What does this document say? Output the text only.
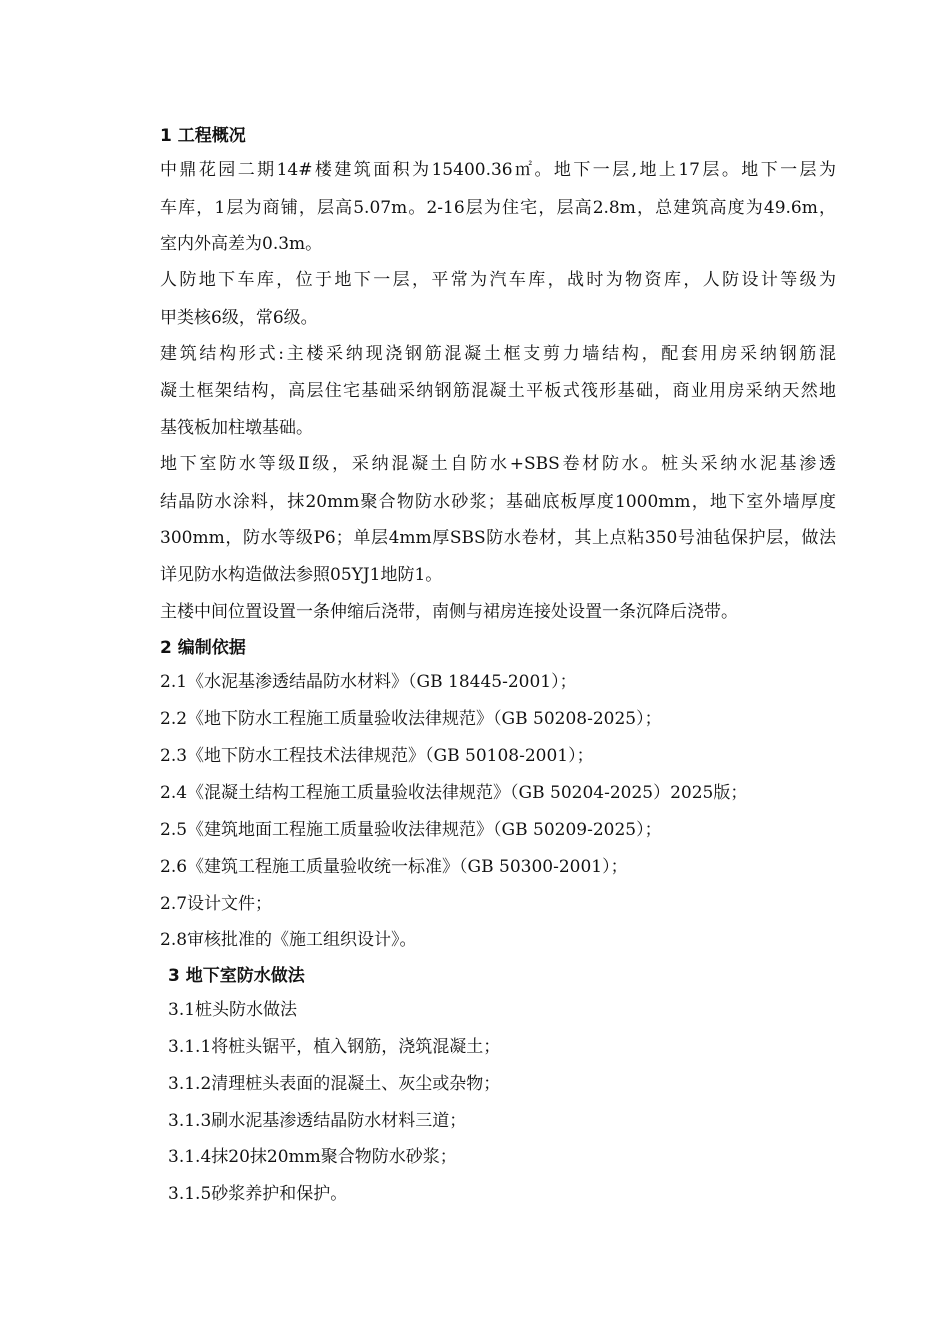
1 工程概况
中鼎花园二期14#楼建筑面积为15400.36㎡。地下一层,地上17层。地下一层为
车库，1层为商铺，层高5.07m。2-16层为住宅，层高2.8m，总建筑高度为49.6m，
室内外高差为0.3m。
人防地下车库，位于地下一层，平常为汽车库，战时为物资库，人防设计等级为
甲类核6级，常6级。
建筑结构形式:主楼采纳现浇钢筋混凝土框支剪力墙结构，配套用房采纳钢筋混
凝土框架结构，高层住宅基础采纳钢筋混凝土平板式筏形基础，商业用房采纳天然地
基筏板加柱墩基础。
地下室防水等级Ⅱ级，采纳混凝土自防水+SBS卷材防水。桩头采纳水泥基渗透
结晶防水涂料，抹20mm聚合物防水砂浆；基础底板厚度1000mm，地下室外墙厚度
300mm，防水等级P6；单层4mm厚SBS防水卷材，其上点粘350号油毡保护层，做法
详见防水构造做法参照05YJ1地防1。
主楼中间位置设置一条伸缩后浇带，南侧与裙房连接处设置一条沉降后浇带。
2 编制依据
2.1《水泥基渗透结晶防水材料》（GB 18445-2001）；
2.2《地下防水工程施工质量验收法律规范》（GB 50208-2025）；
2.3《地下防水工程技术法律规范》（GB 50108-2001）；
2.4《混凝土结构工程施工质量验收法律规范》（GB 50204-2025）2025版；
2.5《建筑地面工程施工质量验收法律规范》（GB 50209-2025）；
2.6《建筑工程施工质量验收统一标准》（GB 50300-2001）；
2.7设计文件；
2.8审核批准的《施工组织设计》。
3 地下室防水做法
3.1桩头防水做法
3.1.1将桩头锯平，植入钢筋，浇筑混凝土；
3.1.2清理桩头表面的混凝土、灰尘或杂物；
3.1.3刷水泥基渗透结晶防水材料三道；
3.1.4抹20抹20mm聚合物防水砂浆；
3.1.5砂浆养护和保护。
